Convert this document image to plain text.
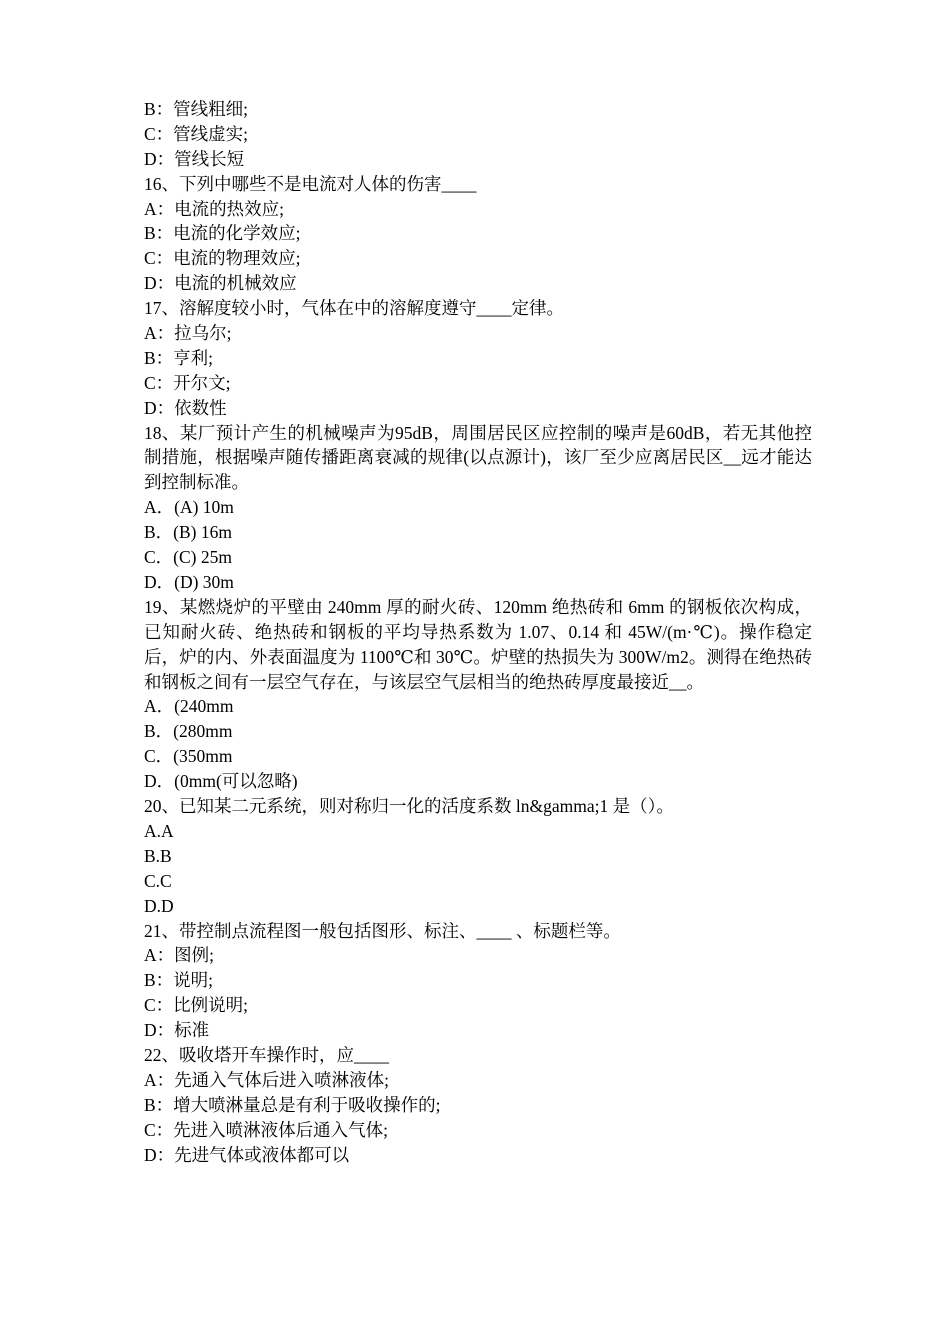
B：管线粗细;

C：管线虚实;

D：管线长短

16、下列中哪些不是电流对人体的伤害____

A：电流的热效应;

B：电流的化学效应;

C：电流的物理效应;

D：电流的机械效应

17、溶解度较小时，气体在中的溶解度遵守____定律。

A：拉乌尔;

B：亨利;

C：开尔文;

D：依数性

18、某厂预计产生的机械噪声为95dB，周围居民区应控制的噪声是60dB，若无其他控制措施，根据噪声随传播距离衰减的规律(以点源计)，该厂至少应离居民区__远才能达到控制标准。

A．(A) 10m

B．(B) 16m

C．(C) 25m

D．(D) 30m

19、某燃烧炉的平壁由 240mm 厚的耐火砖、120mm 绝热砖和 6mm 的钢板依次构成，已知耐火砖、绝热砖和钢板的平均导热系数为 1.07、0.14 和 45W/(m·℃)。操作稳定后，炉的内、外表面温度为 1100℃和 30℃。炉壁的热损失为 300W/m2。测得在绝热砖和钢板之间有一层空气存在，与该层空气层相当的绝热砖厚度最接近__。

A．(240mm

B．(280mm

C．(350mm

D．(0mm(可以忽略)

20、已知某二元系统，则对称归一化的活度系数 ln&gamma;1 是（）。

A.A

B.B

C.C

D.D

21、带控制点流程图一般包括图形、标注、____ 、标题栏等。

A：图例;

B：说明;

C：比例说明;

D：标准

22、吸收塔开车操作时，应____

A：先通入气体后进入喷淋液体;

B：增大喷淋量总是有利于吸收操作的;

C：先进入喷淋液体后通入气体;

D：先进气体或液体都可以
